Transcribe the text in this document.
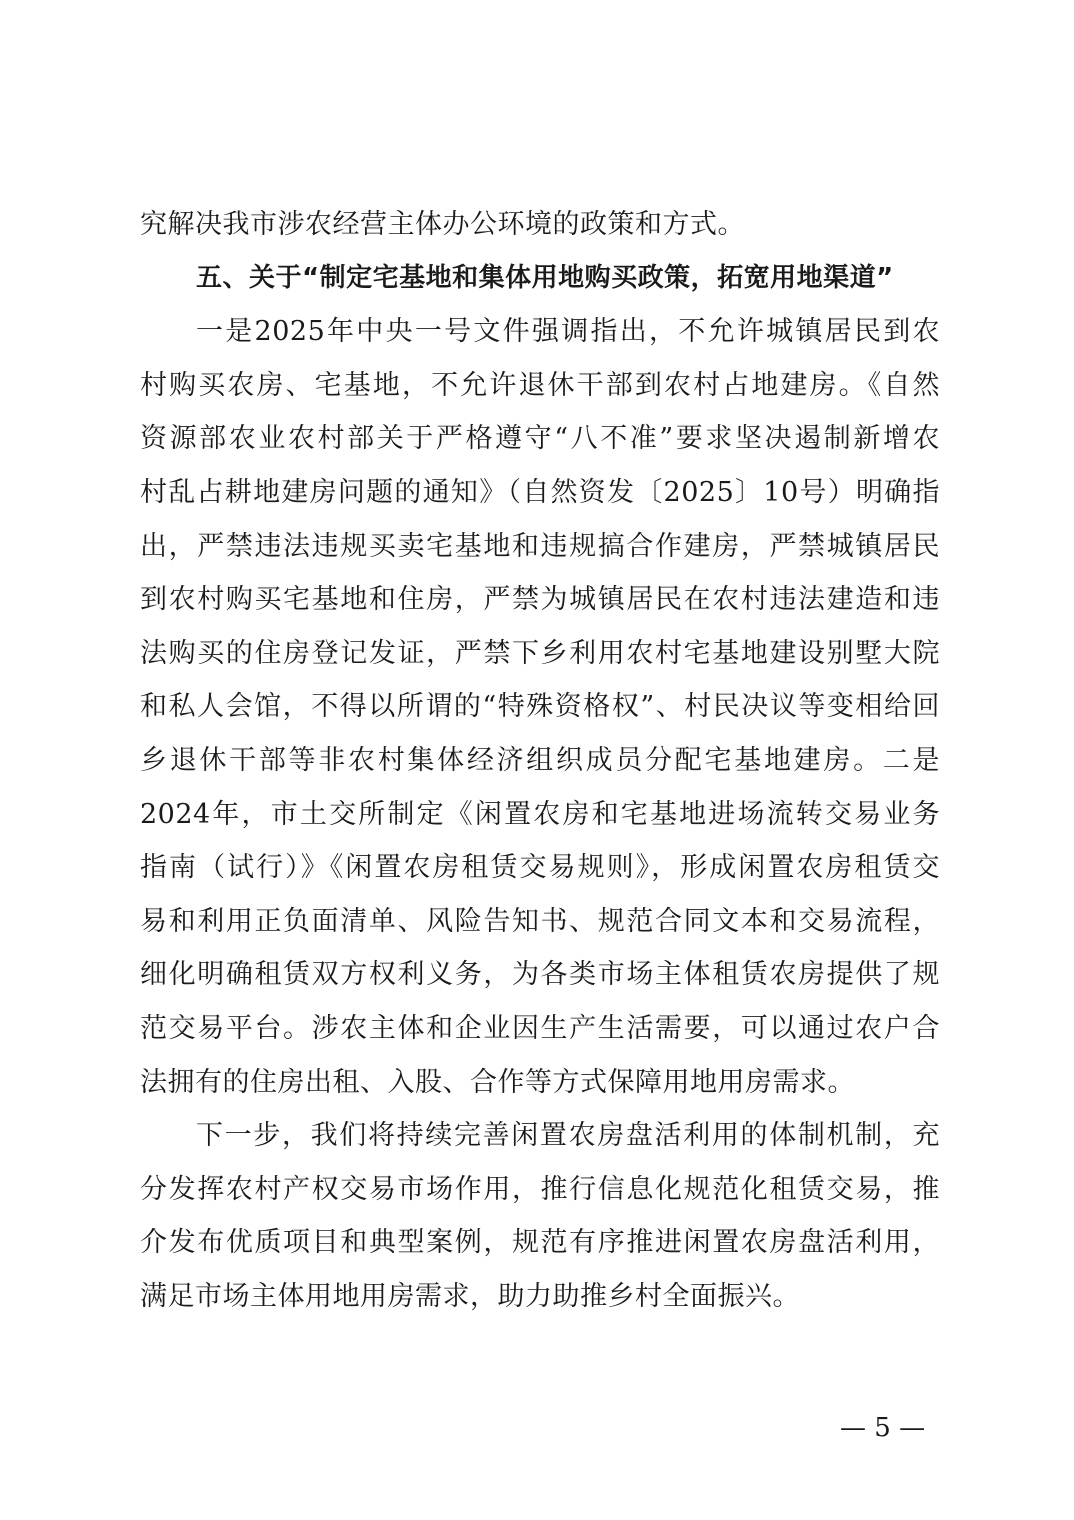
究解决我市涉农经营主体办公环境的政策和方式。
五、关于“制定宅基地和集体用地购买政策，拓宽用地渠道”
一是2025年中央一号文件强调指出，不允许城镇居民到农
村购买农房、宅基地，不允许退休干部到农村占地建房。《自然
资源部农业农村部关于严格遵守“八不准”要求坚决遏制新增农
村乱占耕地建房问题的通知》（自然资发〔2025〕10号）明确指
出，严禁违法违规买卖宅基地和违规搞合作建房，严禁城镇居民
到农村购买宅基地和住房，严禁为城镇居民在农村违法建造和违
法购买的住房登记发证，严禁下乡利用农村宅基地建设别墅大院
和私人会馆，不得以所谓的“特殊资格权”、村民决议等变相给回
乡退休干部等非农村集体经济组织成员分配宅基地建房。二是
2024年，市土交所制定《闲置农房和宅基地进场流转交易业务
指南（试行）》《闲置农房租赁交易规则》，形成闲置农房租赁交
易和利用正负面清单、风险告知书、规范合同文本和交易流程，
细化明确租赁双方权利义务，为各类市场主体租赁农房提供了规
范交易平台。涉农主体和企业因生产生活需要，可以通过农户合
法拥有的住房出租、入股、合作等方式保障用地用房需求。
下一步，我们将持续完善闲置农房盘活利用的体制机制，充
分发挥农村产权交易市场作用，推行信息化规范化租赁交易，推
介发布优质项目和典型案例，规范有序推进闲置农房盘活利用，
满足市场主体用地用房需求，助力助推乡村全面振兴。
— 5 —
